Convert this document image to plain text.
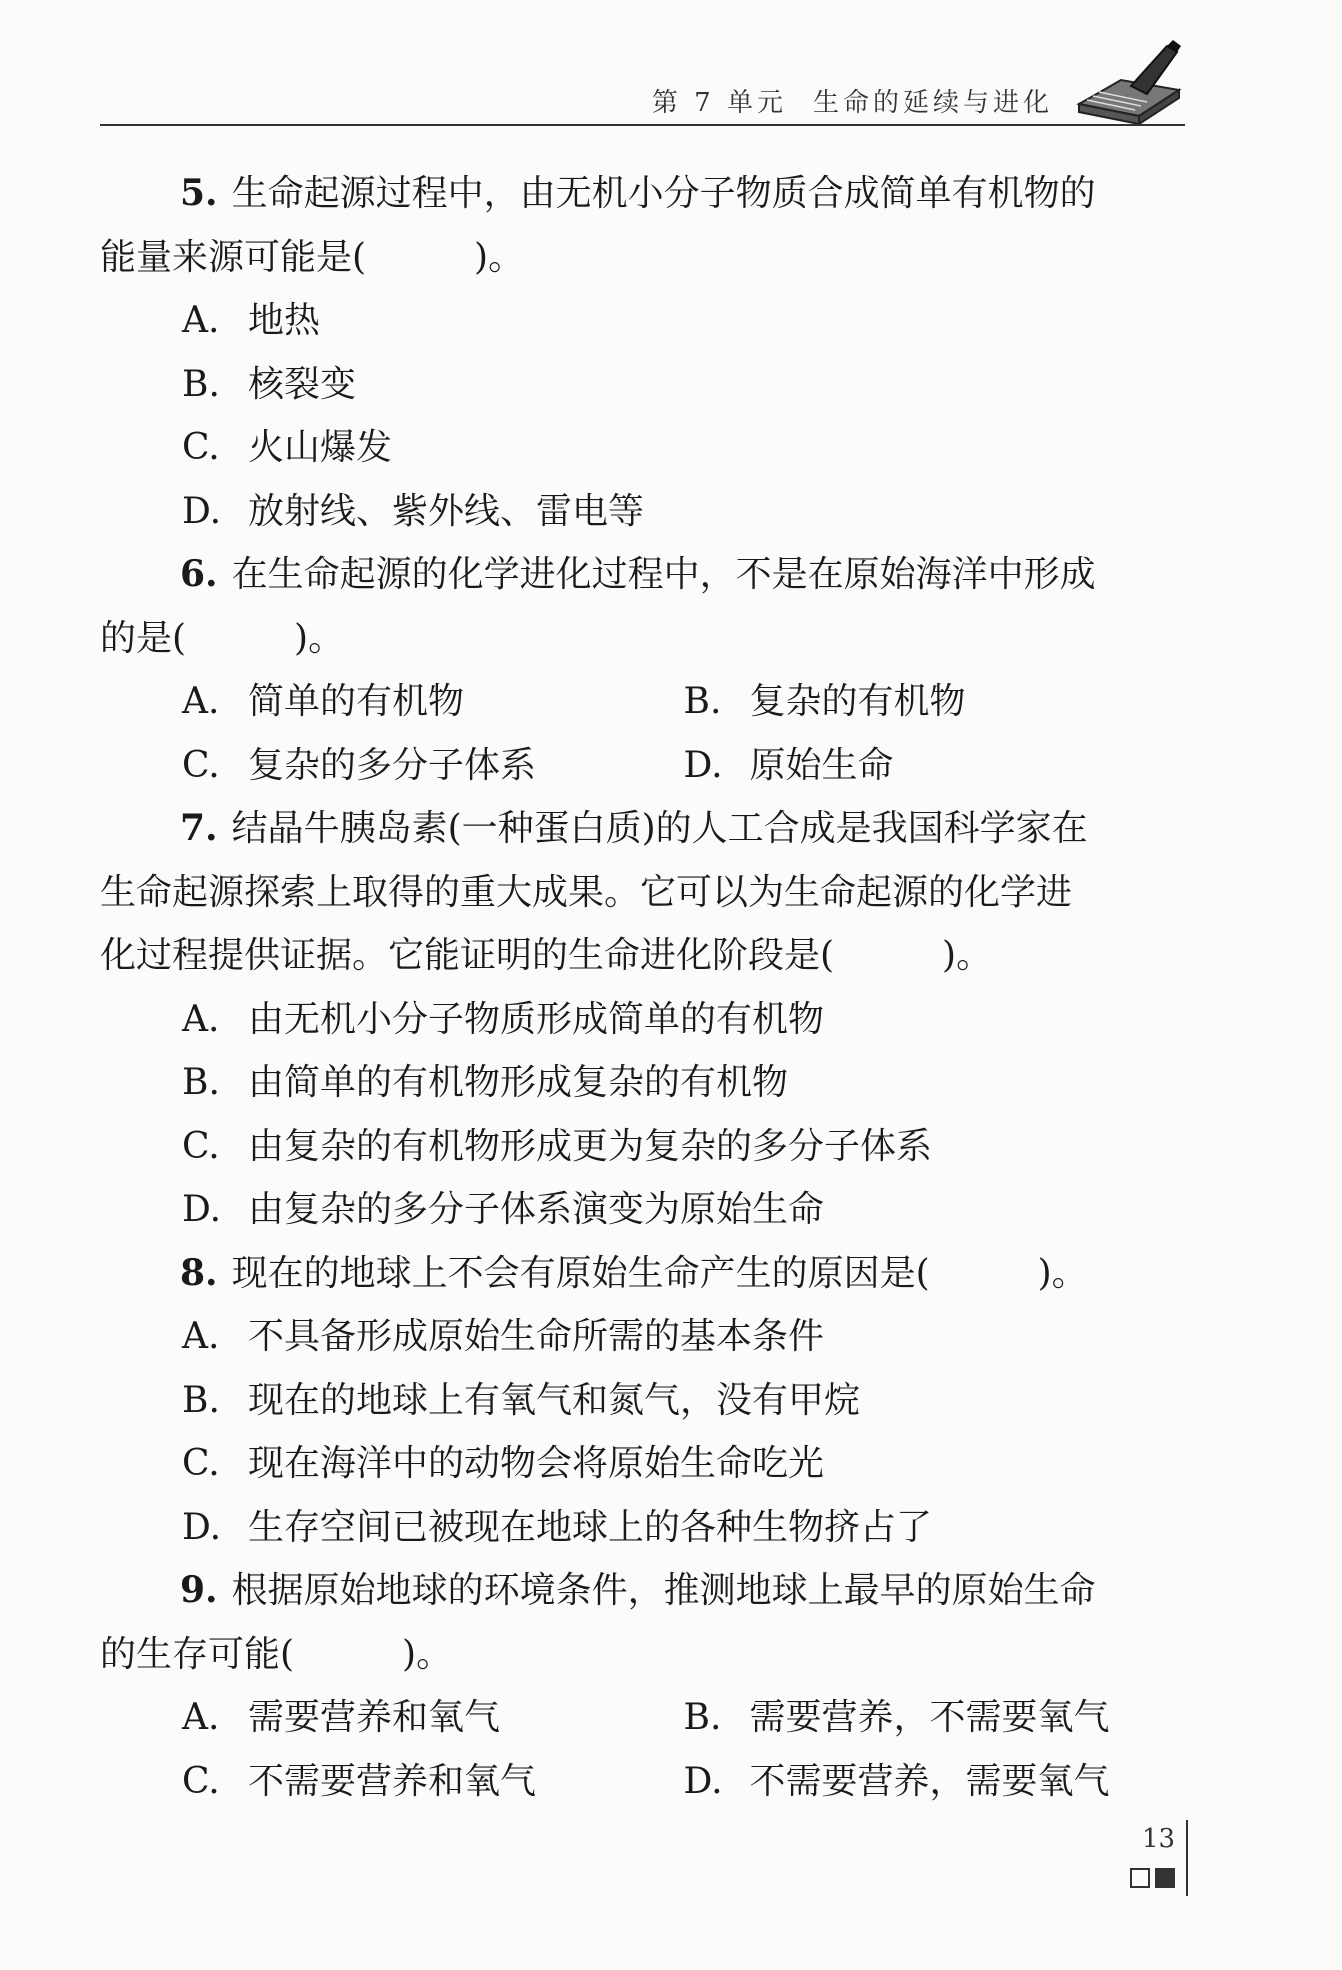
第 7 单元 生命的延续与进化
5. 生命起源过程中，由无机小分子物质合成简单有机物的
能量来源可能是(　　　)。
A. 地热
B. 核裂变
C. 火山爆发
D. 放射线、紫外线、雷电等
6. 在生命起源的化学进化过程中，不是在原始海洋中形成
的是(　　　)。
A. 简单的有机物	B. 复杂的有机物
C. 复杂的多分子体系	D. 原始生命
7. 结晶牛胰岛素(一种蛋白质)的人工合成是我国科学家在
生命起源探索上取得的重大成果。它可以为生命起源的化学进
化过程提供证据。它能证明的生命进化阶段是(　　　)。
A. 由无机小分子物质形成简单的有机物
B. 由简单的有机物形成复杂的有机物
C. 由复杂的有机物形成更为复杂的多分子体系
D. 由复杂的多分子体系演变为原始生命
8. 现在的地球上不会有原始生命产生的原因是(　　　)。
A. 不具备形成原始生命所需的基本条件
B. 现在的地球上有氧气和氮气，没有甲烷
C. 现在海洋中的动物会将原始生命吃光
D. 生存空间已被现在地球上的各种生物挤占了
9. 根据原始地球的环境条件，推测地球上最早的原始生命
的生存可能(　　　)。
A. 需要营养和氧气	B. 需要营养，不需要氧气
C. 不需要营养和氧气	D. 不需要营养，需要氧气
13
